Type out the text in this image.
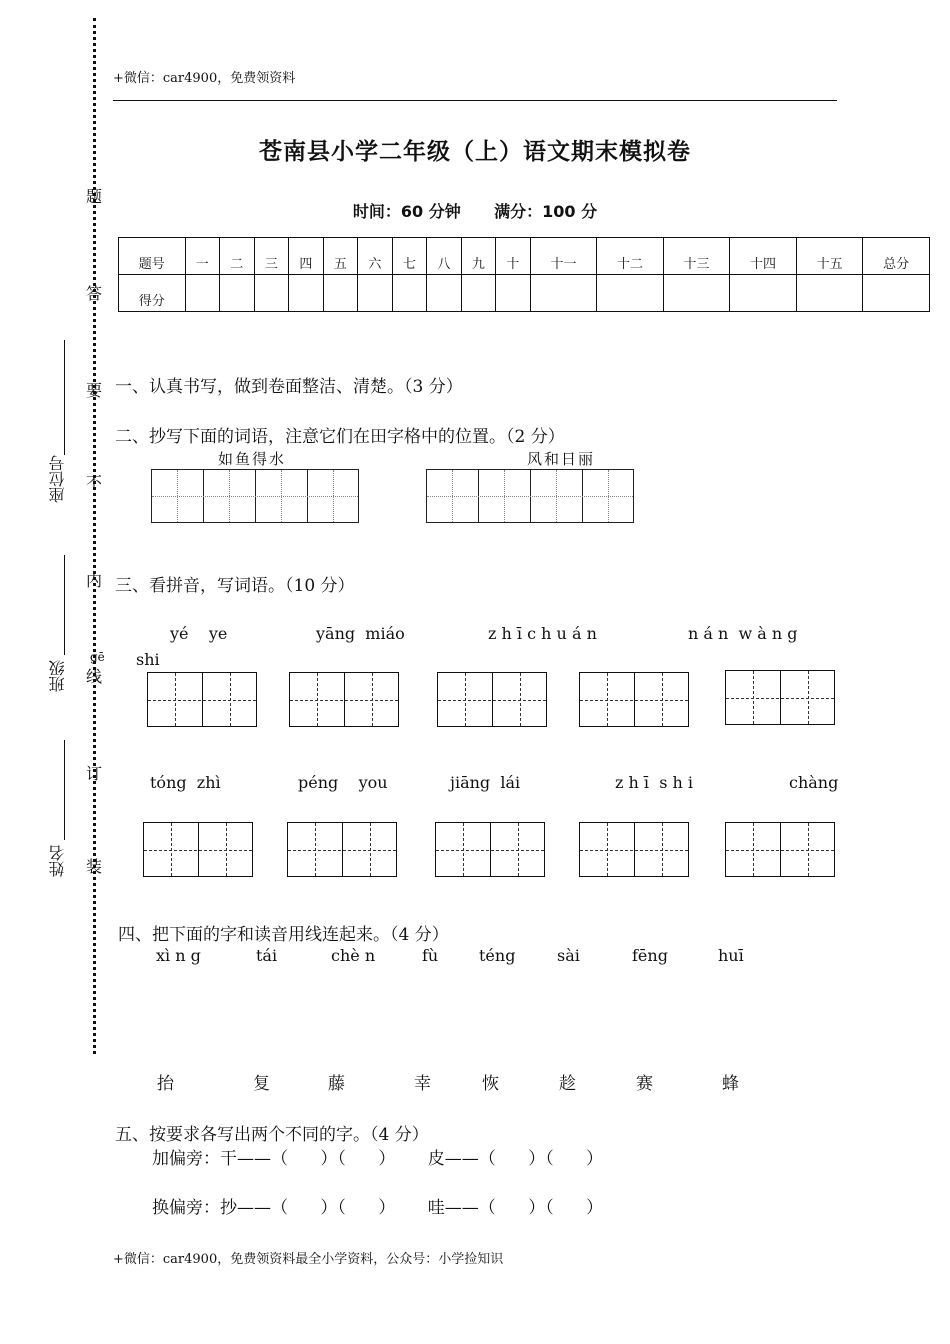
+微信：car4900，免费领资料
题
答
要
不
内
线
订
装
座位号
班级
姓名
苍南县小学二年级（上）语文期末模拟卷
时间：60 分钟      满分：100 分
题号	一	二	三	四	五	六	七	八	九	十	十一	十二	十三	十四	十五	总分
得分																
一、认真书写，做到卷面整洁、清楚。（3 分）
二、抄写下面的词语，注意它们在田字格中的位置。（2 分）
如鱼得水	风和日丽
三、看拼音，写词语。（10 分）
yé    ye	yāng  miáo	z h ī c h u á n	n á n  w à n g
shi
ɡē
tóng  zhì	péng    you	jiāng  lái	z h ī  s h i	chàng
四、把下面的字和读音用线连起来。（4 分）
xì n g	tái	chè n	fù	téng	sài	fēng	huī
抬	复	藤	幸	恢	趁	赛	蜂
五、按要求各写出两个不同的字。（4 分）
加偏旁：干——（      ）（      ）      皮——（      ）（      ）
换偏旁：抄——（      ）（      ）      哇——（      ）（      ）
+微信：car4900，免费领资料最全小学资料，公众号：小学捡知识
